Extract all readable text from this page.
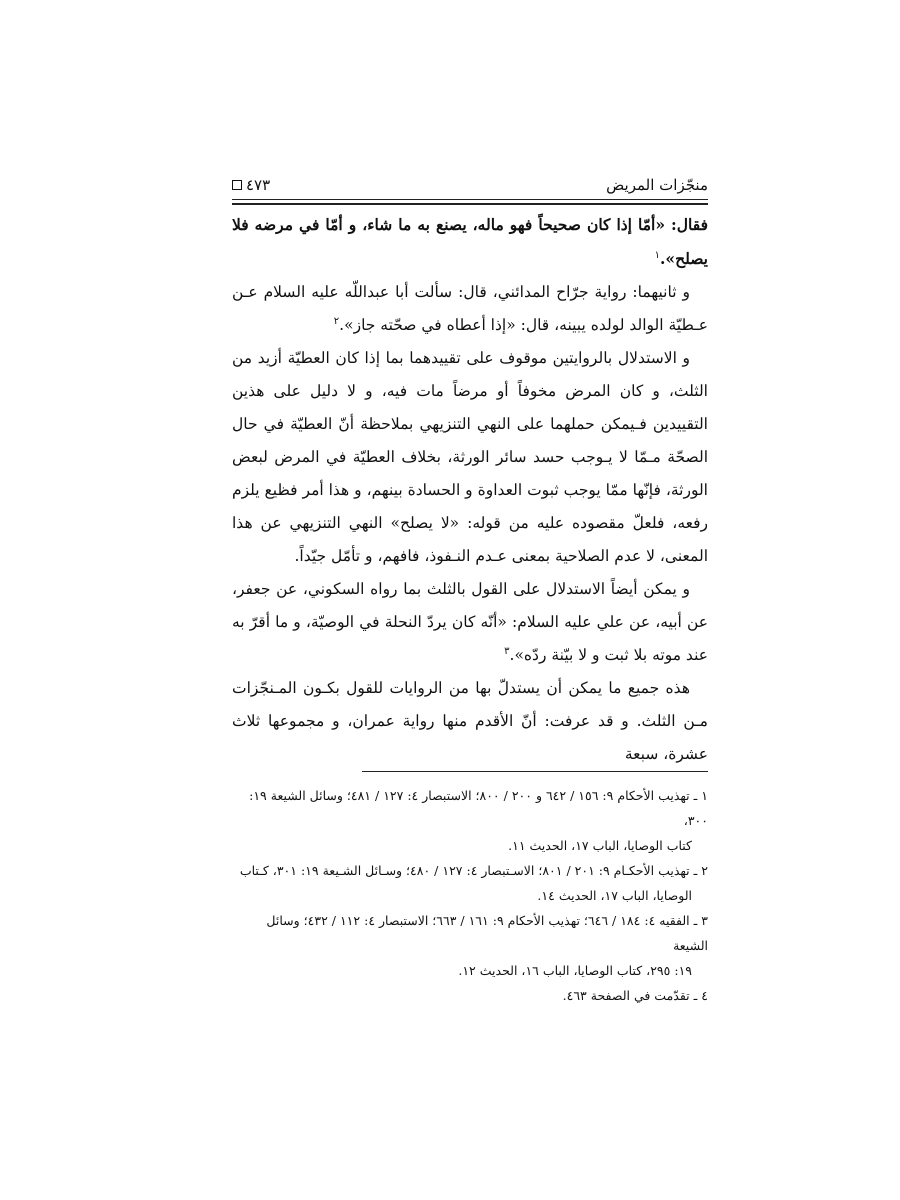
منجّزات المريض
٤٧٣

فقال: «أمّا إذا كان صحيحاً فهو ماله، يصنع به ما شاء، و أمّا في مرضه فلا يصلح».$^١$

و ثانيهما: رواية جرّاح المدائني، قال: سألت أبا عبداللّه عليه السلام عـن عـطيّة الوالد لولده يبينه، قال: «إذا أعطاه في صحّته جاز».$^٢$

و الاستدلال بالروايتين موقوف على تقييدهما بما إذا كان العطيّة أزيد من الثلث، و كان المرض مخوفاً أو مرضاً مات فيه، و لا دليل على هذين التقييدين فـيمكن حملهما على النهي التنزيهي بملاحظة أنّ العطيّة في حال الصحّة مـمّا لا يـوجب حسد سائر الورثة، بخلاف العطيّة في المرض لبعض الورثة، فإنّها ممّا يوجب ثبوت العداوة و الحسادة بينهم، و هذا أمر فظيع يلزم رفعه، فلعلّ مقصوده عليه من قوله: «لا يصلح» النهي التنزيهي عن هذا المعنى، لا عدم الصلاحية بمعنى عـدم النـفوذ، فافهم، و تأمّل جيّداً.

و يمكن أيضاً الاستدلال على القول بالثلث بما رواه السكوني، عن جعفر، عن أبيه، عن علي عليه السلام: «أنّه كان يردّ النحلة في الوصيّة، و ما أقرّ به عند موته بلا ثبت و لا بيّنة ردّه».$^٣$

هذه جميع ما يمكن أن يستدلّ بها من الروايات للقول بكـون المـنجّزات مـن الثلث. و قد عرفت: أنّ الأقدم منها رواية عمران، و مجموعها ثلاث عشرة، سبعة

١ ـ تهذيب الأحكام ٩: ١٥٦ / ٦٤٢ و ٢٠٠ / ٨٠٠؛ الاستبصار ٤: ١٢٧ / ٤٨١؛ وسائل الشيعة ١٩: ٣٠٠،

كتاب الوصايا، الباب ١٧، الحديث ١١.

٢ ـ تهذيب الأحكـام ٩: ٢٠١ / ٨٠١؛ الاسـتبصار ٤: ١٢٧ / ٤٨٠؛ وسـائل الشـيعة ١٩: ٣٠١، كـتاب

الوصايا، الباب ١٧، الحديث ١٤.

٣ ـ الفقيه ٤: ١٨٤ / ٦٤٦؛ تهذيب الأحكام ٩: ١٦١ / ٦٦٣؛ الاستبصار ٤: ١١٢ / ٤٣٢؛ وسائل الشيعة

١٩: ٢٩٥، كتاب الوصايا، الباب ١٦، الحديث ١٢.

٤ ـ تقدّمت في الصفحة ٤٦٣.
